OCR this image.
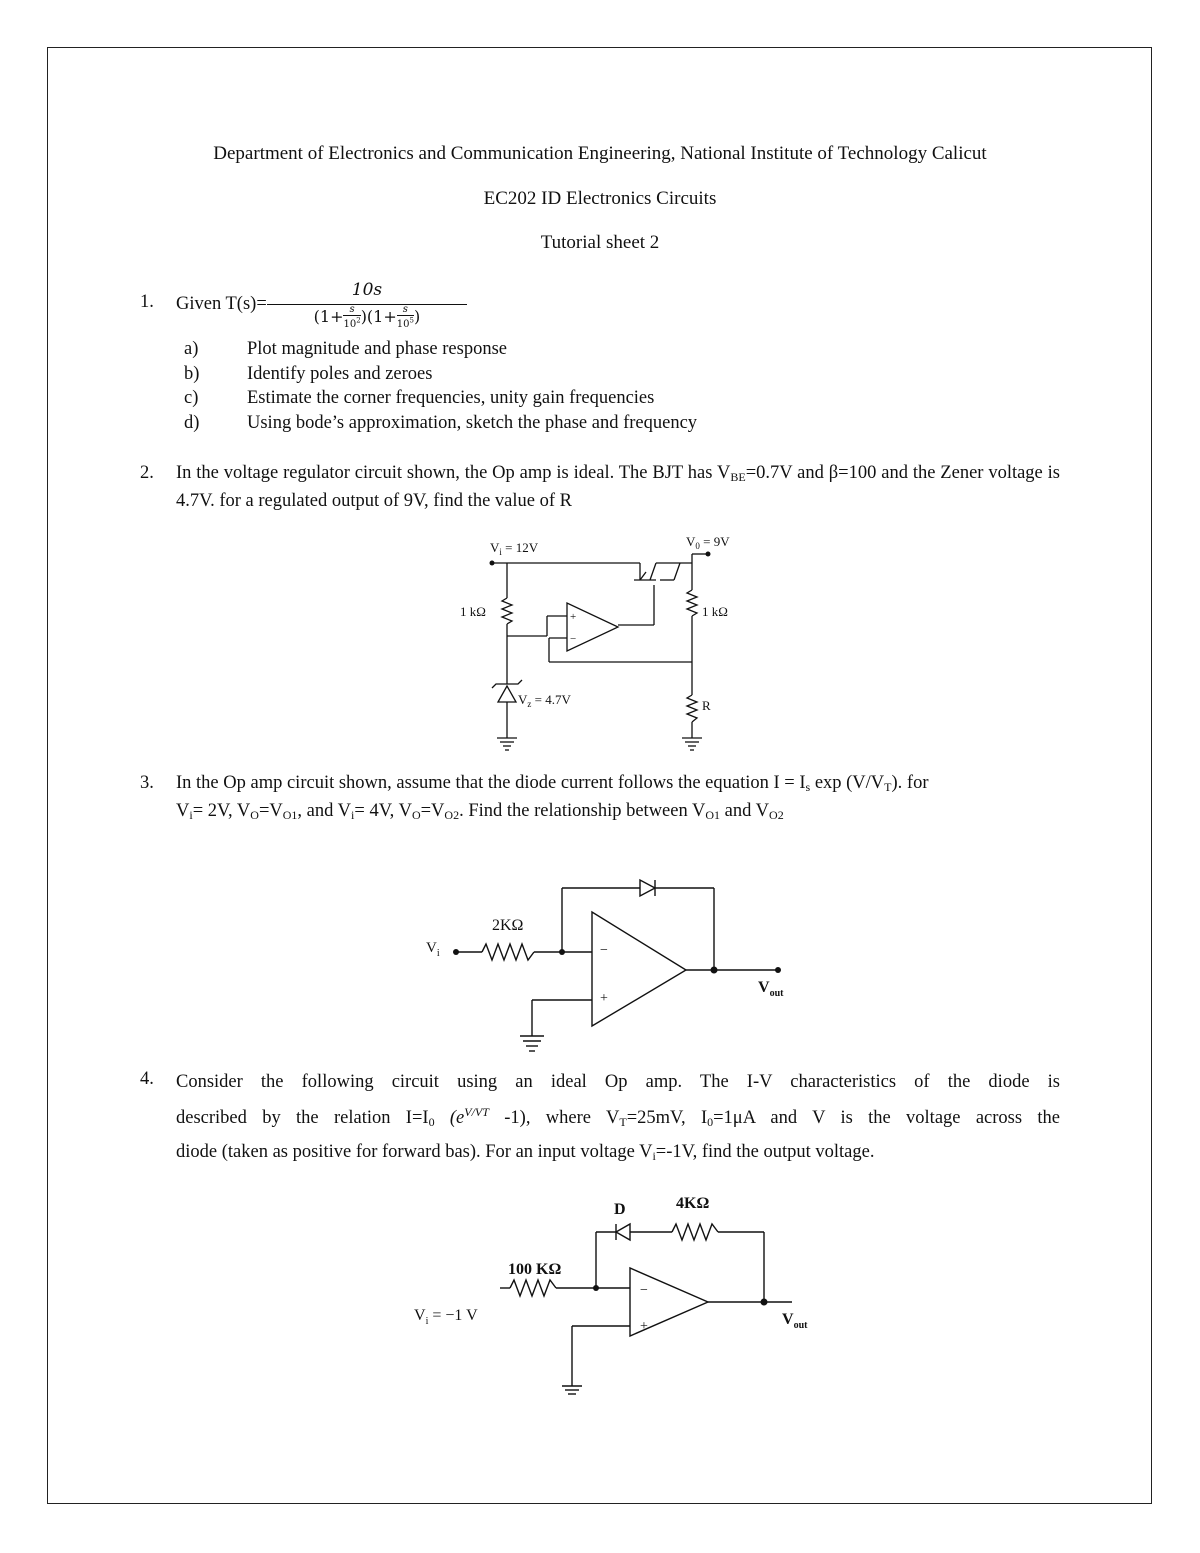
Department of Electronics and Communication Engineering, National Institute of Technology Calicut
EC202 ID Electronics Circuits
Tutorial sheet 2
1. Given $T(s)= \frac{10s}{(1+ \frac{s}{10^2})(1+ \frac{s}{10^5})}$
a)	Plot magnitude and phase response
b)	Identify poles and zeroes
c)	Estimate the corner frequencies, unity gain frequencies
d)	Using bode’s approximation, sketch the phase and frequency
2. In the voltage regulator circuit shown, the Op amp is ideal. The BJT has $V_{BE}=0.7V$ and β=100 and the Zener voltage is 4.7V. for a regulated output of 9V, find the value of R
$V_i = 12V$	$V_0 = 9V$
1 kΩ	1 kΩ
$V_z = 4.7V$	R
+
−
3. In the Op amp circuit shown, assume that the diode current follows the equation $I = I_s$ $\exp (V/V_T)$. for
$V_i= 2V$, $V_O=V_{O1}$, and $V_i= 4V$, $V_O=V_{O2}$. Find the relationship between $V_{O1}$ and $V_{O2}$
2KΩ
$V_i$
$V_{out}$
−
+
4. Consider the following circuit using an ideal Op amp. The I-V characteristics of the diode is
described by the relation $I=I_0$ ($e^{V/VT}$ -1), where $V_T=25mV$, $I_0=1\mu A$ and V is the voltage across the
diode (taken as positive for forward bas). For an input voltage $V_i=-1V$, find the output voltage.
D	4KΩ
100 KΩ
$V_i = -1$ V	$V_{out}$
−
+
